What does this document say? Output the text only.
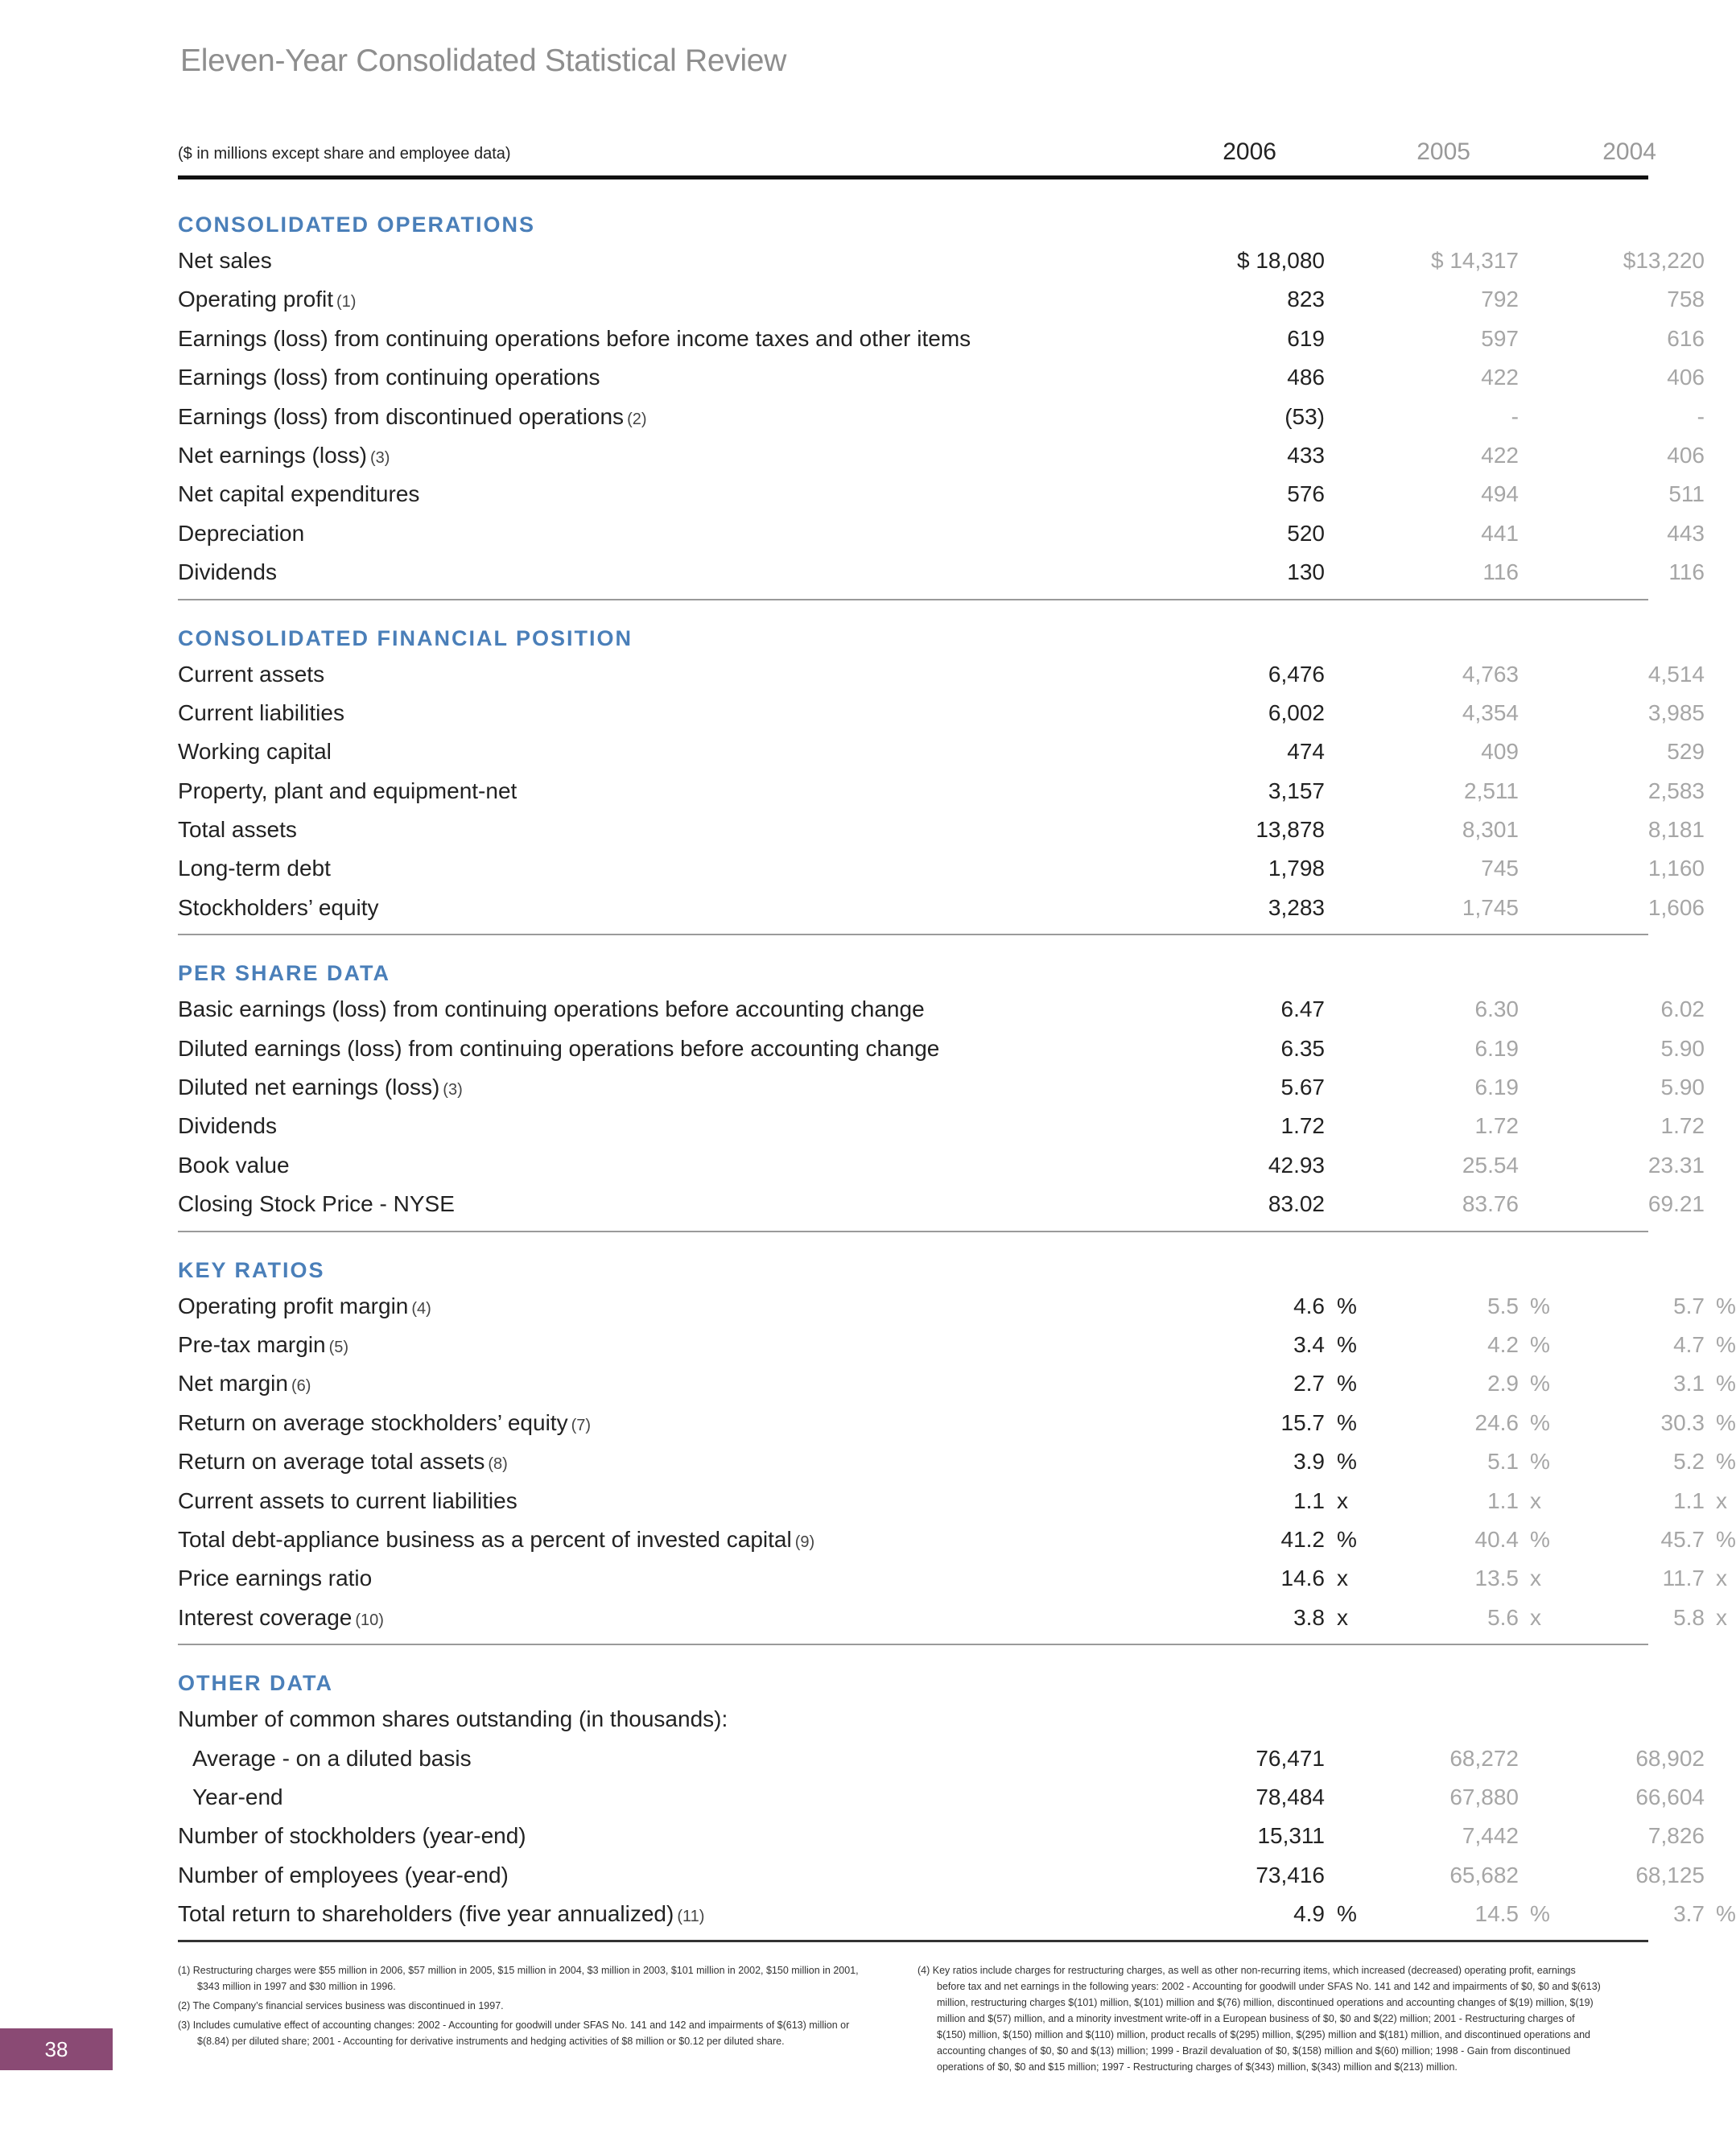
Eleven-Year Consolidated Statistical Review
($ in millions except share and employee data)	2006	2005	2004
CONSOLIDATED OPERATIONS
Net sales	$ 18,080	$ 14,317	$13,220
Operating profit (1)	823	792	758
Earnings (loss) from continuing operations before income taxes and other items	619	597	616
Earnings (loss) from continuing operations	486	422	406
Earnings (loss) from discontinued operations (2)	(53)	-	-
Net earnings (loss) (3)	433	422	406
Net capital expenditures	576	494	511
Depreciation	520	441	443
Dividends	130	116	116
CONSOLIDATED FINANCIAL POSITION
Current assets	6,476	4,763	4,514
Current liabilities	6,002	4,354	3,985
Working capital	474	409	529
Property, plant and equipment-net	3,157	2,511	2,583
Total assets	13,878	8,301	8,181
Long-term debt	1,798	745	1,160
Stockholders’ equity	3,283	1,745	1,606
PER SHARE DATA
Basic earnings (loss) from continuing operations before accounting change	6.47	6.30	6.02
Diluted earnings (loss) from continuing operations before accounting change	6.35	6.19	5.90
Diluted net earnings (loss) (3)	5.67	6.19	5.90
Dividends	1.72	1.72	1.72
Book value	42.93	25.54	23.31
Closing Stock Price - NYSE	83.02	83.76	69.21
KEY RATIOS
Operating profit margin (4)	4.6 %	5.5 %	5.7 %
Pre-tax margin (5)	3.4 %	4.2 %	4.7 %
Net margin (6)	2.7 %	2.9 %	3.1 %
Return on average stockholders’ equity (7)	15.7 %	24.6 %	30.3 %
Return on average total assets (8)	3.9 %	5.1 %	5.2 %
Current assets to current liabilities	1.1 x	1.1 x	1.1 x
Total debt-appliance business as a percent of invested capital (9)	41.2 %	40.4 %	45.7 %
Price earnings ratio	14.6 x	13.5 x	11.7 x
Interest coverage (10)	3.8 x	5.6 x	5.8 x
OTHER DATA
Number of common shares outstanding (in thousands):
Average - on a diluted basis	76,471	68,272	68,902
Year-end	78,484	67,880	66,604
Number of stockholders (year-end)	15,311	7,442	7,826
Number of employees (year-end)	73,416	65,682	68,125
Total return to shareholders (five year annualized) (11)	4.9 %	14.5 %	3.7 %

(1) Restructuring charges were $55 million in 2006, $57 million in 2005, $15 million in 2004, $3 million in 2003, $101 million in 2002, $150 million in 2001, $343 million in 1997 and $30 million in 1996.

(2) The Company’s financial services business was discontinued in 1997.

(3) Includes cumulative effect of accounting changes: 2002 - Accounting for goodwill under SFAS No. 141 and 142 and impairments of $(613) million or $(8.84) per diluted share; 2001 - Accounting for derivative instruments and hedging activities of $8 million or $0.12 per diluted share.

(4) Key ratios include charges for restructuring charges, as well as other non-recurring items, which increased (decreased) operating profit, earnings before tax and net earnings in the following years: 2002 - Accounting for goodwill under SFAS No. 141 and 142 and impairments of $0, $0 and $(613) million, restructuring charges $(101) million, $(101) million and $(76) million, discontinued operations and accounting changes of $(19) million, $(19) million and $(57) million, and a minority investment write-off in a European business of $0, $0 and $(22) million; 2001 - Restructuring charges of $(150) million, $(150) million and $(110) million, product recalls of $(295) million, $(295) million and $(181) million, and discontinued operations and accounting changes of $0, $0 and $(13) million; 1999 - Brazil devaluation of $0, $(158) million and $(60) million; 1998 - Gain from discontinued operations of $0, $0 and $15 million; 1997 - Restructuring charges of $(343) million, $(343) million and $(213) million.

38
